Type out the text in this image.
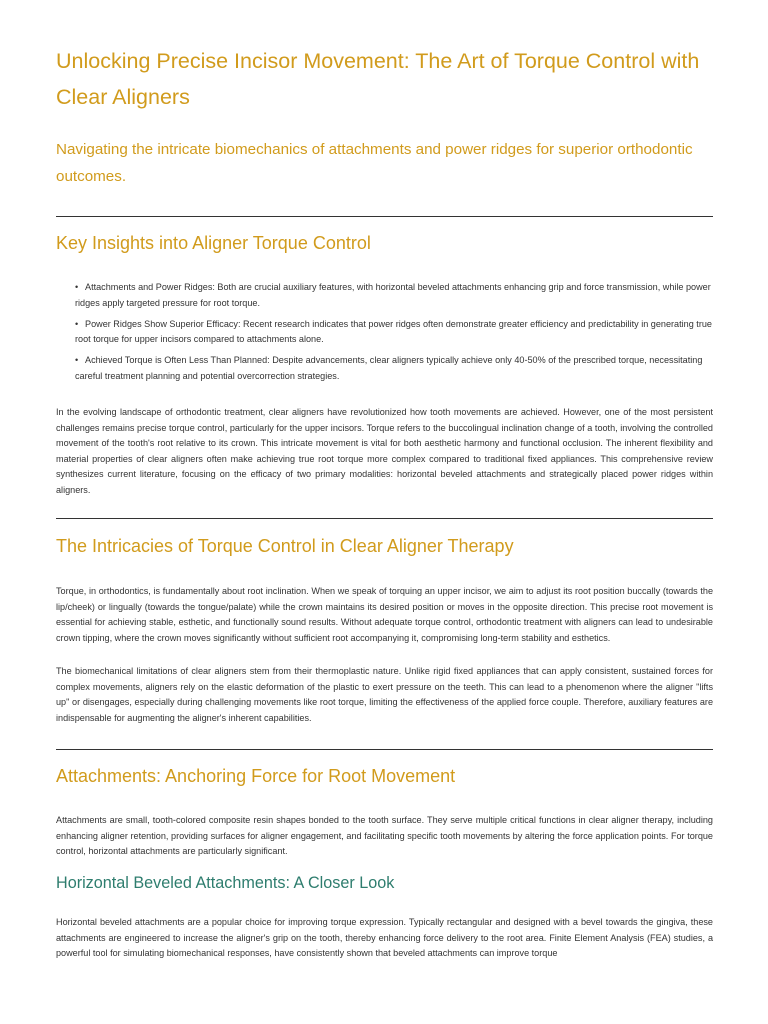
Unlocking Precise Incisor Movement: The Art of Torque Control with Clear Aligners

Navigating the intricate biomechanics of attachments and power ridges for superior orthodontic outcomes.

Key Insights into Aligner Torque Control
• Attachments and Power Ridges: Both are crucial auxiliary features, with horizontal beveled attachments enhancing grip and force transmission, while power ridges apply targeted pressure for root torque.
• Power Ridges Show Superior Efficacy: Recent research indicates that power ridges often demonstrate greater efficiency and predictability in generating true root torque for upper incisors compared to attachments alone.
• Achieved Torque is Often Less Than Planned: Despite advancements, clear aligners typically achieve only 40-50% of the prescribed torque, necessitating careful treatment planning and potential overcorrection strategies.

In the evolving landscape of orthodontic treatment, clear aligners have revolutionized how tooth movements are achieved. However, one of the most persistent challenges remains precise torque control, particularly for the upper incisors. Torque refers to the buccolingual inclination change of a tooth, involving the controlled movement of the tooth's root relative to its crown. This intricate movement is vital for both aesthetic harmony and functional occlusion. The inherent flexibility and material properties of clear aligners often make achieving true root torque more complex compared to traditional fixed appliances. This comprehensive review synthesizes current literature, focusing on the efficacy of two primary modalities: horizontal beveled attachments and strategically placed power ridges within aligners.

The Intricacies of Torque Control in Clear Aligner Therapy

Torque, in orthodontics, is fundamentally about root inclination. When we speak of torquing an upper incisor, we aim to adjust its root position buccally (towards the lip/cheek) or lingually (towards the tongue/palate) while the crown maintains its desired position or moves in the opposite direction. This precise root movement is essential for achieving stable, esthetic, and functionally sound results. Without adequate torque control, orthodontic treatment with aligners can lead to undesirable crown tipping, where the crown moves significantly without sufficient root accompanying it, compromising long-term stability and esthetics.

The biomechanical limitations of clear aligners stem from their thermoplastic nature. Unlike rigid fixed appliances that can apply consistent, sustained forces for complex movements, aligners rely on the elastic deformation of the plastic to exert pressure on the teeth. This can lead to a phenomenon where the aligner "lifts up" or disengages, especially during challenging movements like root torque, limiting the effectiveness of the applied force couple. Therefore, auxiliary features are indispensable for augmenting the aligner's inherent capabilities.

Attachments: Anchoring Force for Root Movement

Attachments are small, tooth-colored composite resin shapes bonded to the tooth surface. They serve multiple critical functions in clear aligner therapy, including enhancing aligner retention, providing surfaces for aligner engagement, and facilitating specific tooth movements by altering the force application points. For torque control, horizontal attachments are particularly significant.

Horizontal Beveled Attachments: A Closer Look

Horizontal beveled attachments are a popular choice for improving torque expression. Typically rectangular and designed with a bevel towards the gingiva, these attachments are engineered to increase the aligner's grip on the tooth, thereby enhancing force delivery to the root area. Finite Element Analysis (FEA) studies, a powerful tool for simulating biomechanical responses, have consistently shown that beveled attachments can improve torque
